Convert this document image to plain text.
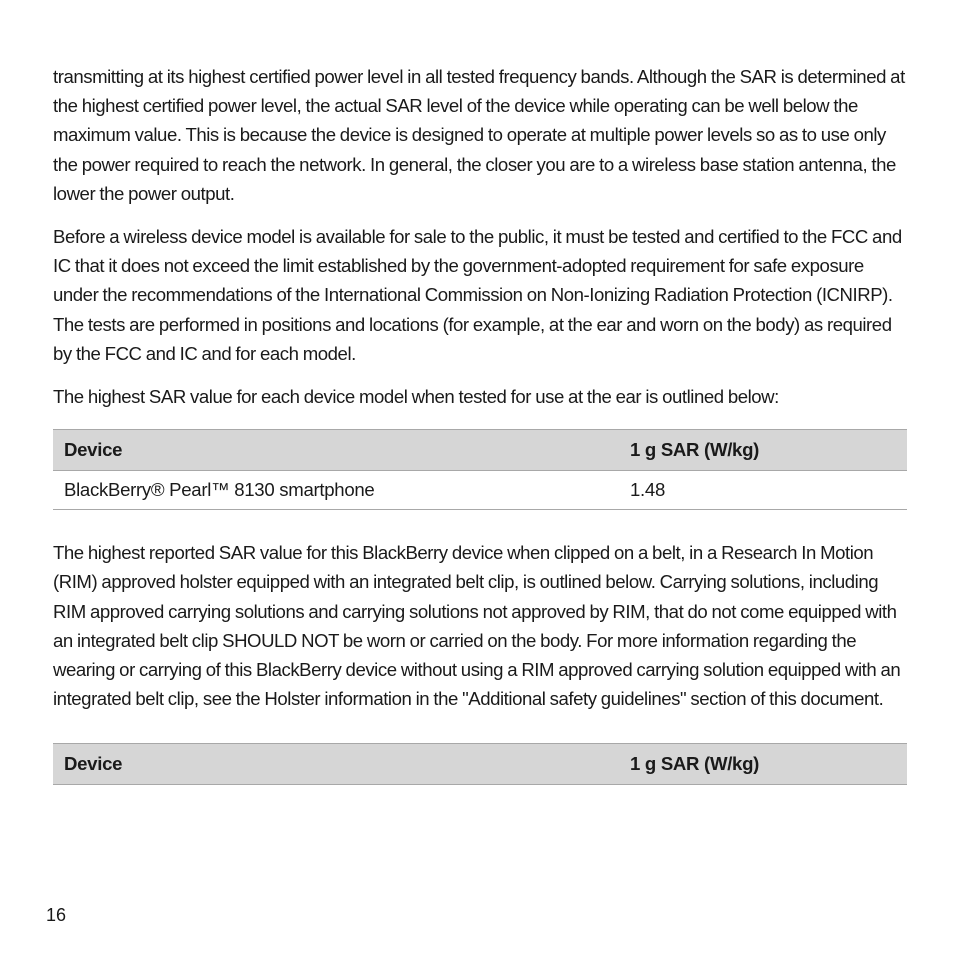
transmitting at its highest certified power level in all tested frequency bands. Although the SAR is determined at the highest certified power level, the actual SAR level of the device while operating can be well below the maximum value. This is because the device is designed to operate at multiple power levels so as to use only the power required to reach the network. In general, the closer you are to a wireless base station antenna, the lower the power output.

Before a wireless device model is available for sale to the public, it must be tested and certified to the FCC and IC that it does not exceed the limit established by the government-adopted requirement for safe exposure under the recommendations of the International Commission on Non-Ionizing Radiation Protection (ICNIRP). The tests are performed in positions and locations (for example, at the ear and worn on the body) as required by the FCC and IC and for each model.

The highest SAR value for each device model when tested for use at the ear is outlined below:

Device	1 g SAR (W/kg)
BlackBerry® Pearl™ 8130 smartphone	1.48

The highest reported SAR value for this BlackBerry device when clipped on a belt, in a Research In Motion (RIM) approved holster equipped with an integrated belt clip, is outlined below. Carrying solutions, including RIM approved carrying solutions and carrying solutions not approved by RIM, that do not come equipped with an integrated belt clip SHOULD NOT be worn or carried on the body. For more information regarding the wearing or carrying of this BlackBerry device without using a RIM approved carrying solution equipped with an integrated belt clip, see the Holster information in the "Additional safety guidelines" section of this document.

Device	1 g SAR (W/kg)
16
